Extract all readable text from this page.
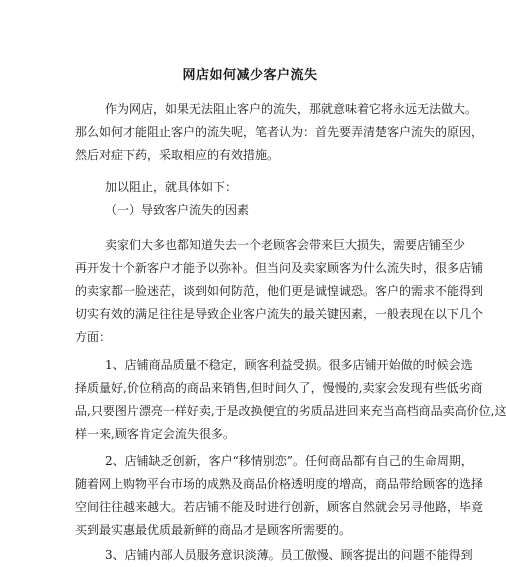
网店如何减少客户流失
作为网店，如果无法阻止客户的流失，那就意味着它将永远无法做大。
那么如何才能阻止客户的流失呢，笔者认为：首先要弄清楚客户流失的原因，
然后对症下药，采取相应的有效措施。
加以阻止，就具体如下：
（一）导致客户流失的因素
卖家们大多也都知道失去一个老顾客会带来巨大损失，需要店铺至少
再开发十个新客户才能予以弥补。但当问及卖家顾客为什么流失时，很多店铺
的卖家都一脸迷茫，谈到如何防范，他们更是诚惶诚恐。客户的需求不能得到
切实有效的满足往往是导致企业客户流失的最关键因素，一般表现在以下几个
方面：
1、店铺商品质量不稳定，顾客利益受损。很多店铺开始做的时候会选
择质量好,价位稍高的商品来销售,但时间久了，慢慢的,卖家会发现有些低劣商
品,只要图片漂亮一样好卖,于是改换便宜的劣质品进回来充当高档商品卖高价位,这
样一来,顾客肯定会流失很多。
2、店铺缺乏创新，客户“移情别恋”。任何商品都有自己的生命周期，
随着网上购物平台市场的成熟及商品价格透明度的增高，商品带给顾客的选择
空间往往越来越大。若店铺不能及时进行创新，顾客自然就会另寻他路，毕竟
买到最实惠最优质最新鲜的商品才是顾客所需要的。
3、店铺内部人员服务意识淡薄。员工傲慢、顾客提出的问题不能得到
